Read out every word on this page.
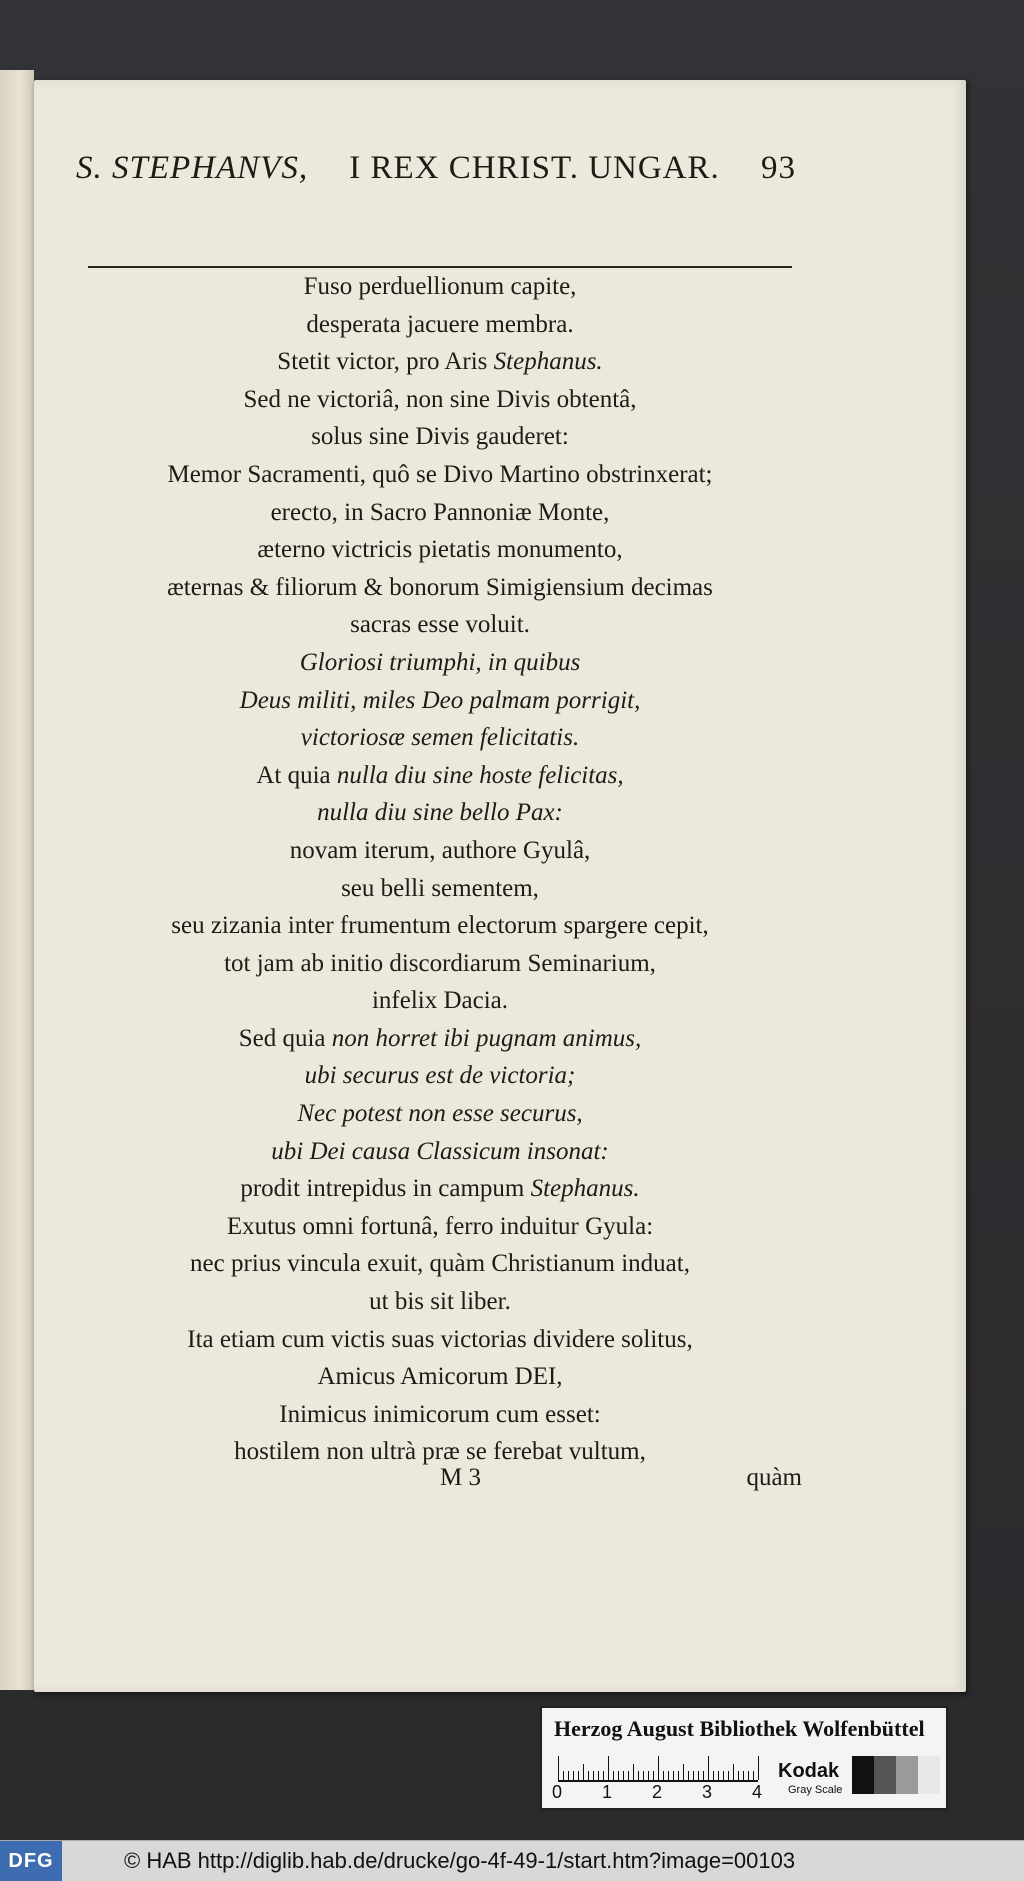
S. STEPHANVS, I REX CHRIST. UNGAR. 93
Fuso perduellionum capite,
desperata jacuere membra.
Stetit victor, pro Aris Stephanus.
Sed ne victoriâ, non sine Divis obtentâ,
solus sine Divis gauderet:
Memor Sacramenti, quô se Divo Martino obstrinxerat;
erecto, in Sacro Pannoniæ Monte,
æterno victricis pietatis monumento,
æternas & filiorum & bonorum Simigiensium decimas
sacras esse voluit.
Gloriosi triumphi, in quibus
Deus militi, miles Deo palmam porrigit,
victoriosæ semen felicitatis.
At quia nulla diu sine hoste felicitas,
nulla diu sine bello Pax:
novam iterum, authore Gyulâ,
seu belli sementem,
seu zizania inter frumentum electorum spargere cepit,
tot jam ab initio discordiarum Seminarium,
infelix Dacia.
Sed quia non horret ibi pugnam animus,
ubi securus est de victoria;
Nec potest non esse securus,
ubi Dei causa Classicum insonat:
prodit intrepidus in campum Stephanus.
Exutus omni fortunâ, ferro induitur Gyula:
nec prius vincula exuit, quàm Christianum induat,
ut bis sit liber.
Ita etiam cum victis suas victorias dividere solitus,
Amicus Amicorum DEI,
Inimicus inimicorum cum esset:
hostilem non ultrà præ se ferebat vultum,
M 3	quàm
Herzog August Bibliothek Wolfenbüttel
0 1 2 3 4
Kodak
Gray Scale
DFG	© HAB http://diglib.hab.de/drucke/go-4f-49-1/start.htm?image=00103
